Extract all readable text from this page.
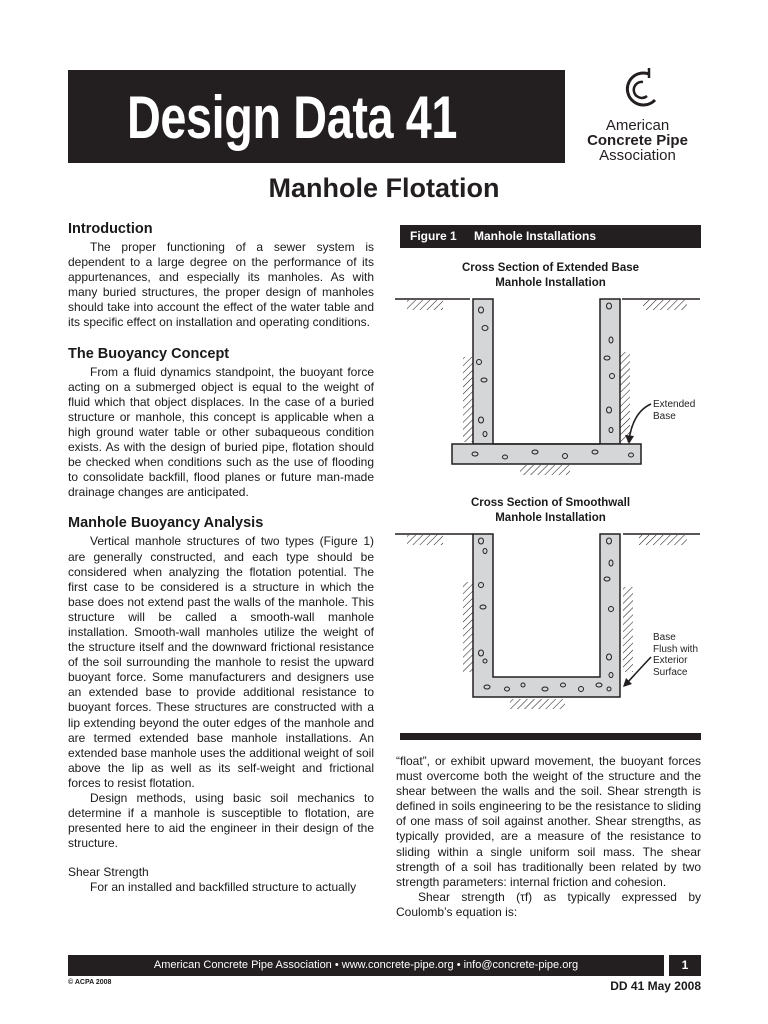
Design Data 41	American
Concrete Pipe
Association
Manhole Flotation
Introduction

The proper functioning of a sewer system is dependent to a large degree on the performance of its appurtenances, and especially its manholes. As with many buried structures, the proper design of manholes should take into account the effect of the water table and its specific effect on installation and operating conditions.

The Buoyancy Concept

From a fluid dynamics standpoint, the buoyant force acting on a submerged object is equal to the weight of fluid which that object displaces. In the case of a buried structure or manhole, this concept is applicable when a high ground water table or other subaqueous condition exists. As with the design of buried pipe, flotation should be checked when conditions such as the use of flooding to consolidate backfill, flood planes or future man-made drainage changes are anticipated.

Manhole Buoyancy Analysis

Vertical manhole structures of two types (Figure 1) are generally constructed, and each type should be considered when analyzing the flotation potential. The first case to be considered is a structure in which the base does not extend past the walls of the manhole. This structure will be called a smooth-wall manhole installation. Smooth-wall manholes utilize the weight of the structure itself and the downward frictional resistance of the soil surrounding the manhole to resist the upward buoyant force. Some manufacturers and designers use an extended base to provide additional resistance to buoyant forces. These structures are constructed with a lip extending beyond the outer edges of the manhole and are termed extended base manhole installations. An extended base manhole uses the additional weight of soil above the lip as well as its self-weight and frictional forces to resist flotation.

Design methods, using basic soil mechanics to determine if a manhole is susceptible to flotation, are presented here to aid the engineer in their design of the structure.

Shear Strength

For an installed and backfilled structure to actually

Figure 1 Manhole Installations
Cross Section of Extended Base
Manhole Installation
Extended
Base
Cross Section of Smoothwall
Manhole Installation
Base
Flush with
Exterior
Surface

“float”, or exhibit upward movement, the buoyant forces must overcome both the weight of the structure and the shear between the walls and the soil. Shear strength is defined in soils engineering to be the resistance to sliding of one mass of soil against another. Shear strengths, as typically provided, are a measure of the resistance to sliding within a single uniform soil mass. The shear strength of a soil has traditionally been related by two strength parameters: internal friction and cohesion.

Shear strength (τf) as typically expressed by Coulomb’s equation is:

American Concrete Pipe Association • www.concrete-pipe.org • info@concrete-pipe.org	1
© ACPA 2008	DD 41 May 2008
